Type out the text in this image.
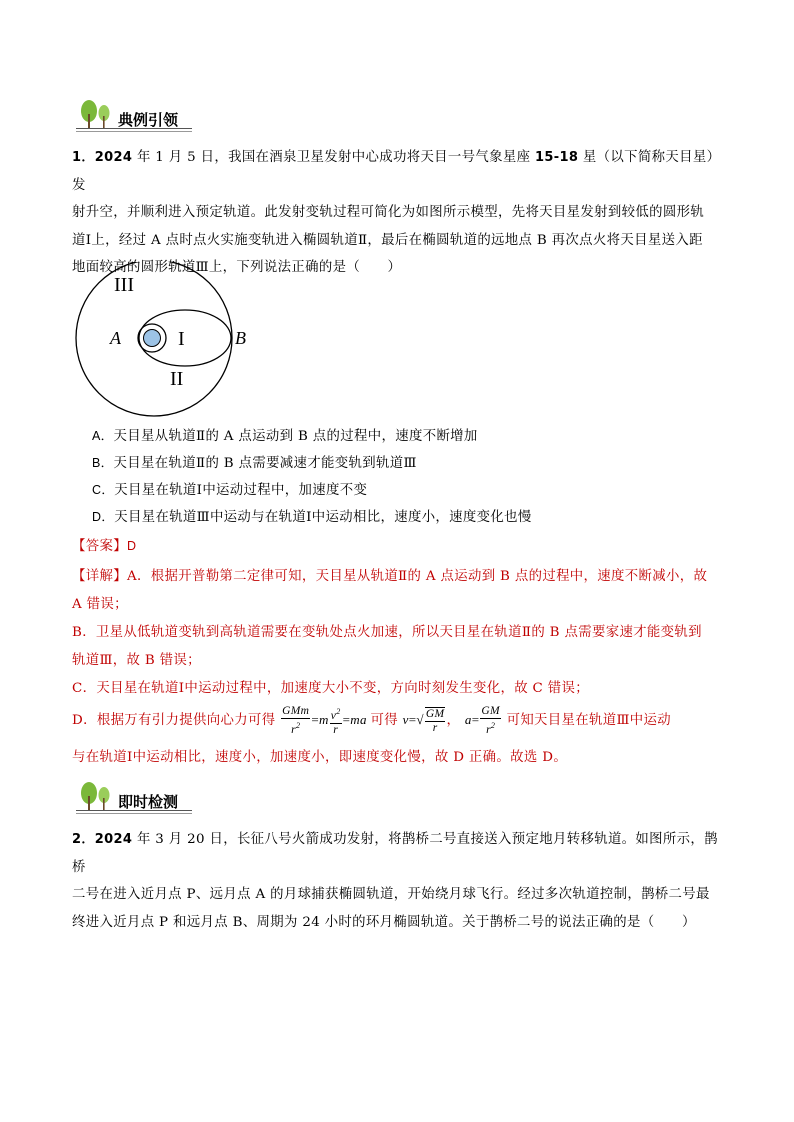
典例引领
1．2024 年 1 月 5 日，我国在酒泉卫星发射中心成功将天目一号气象星座 15-18 星（以下简称天目星）发
射升空，并顺利进入预定轨道。此发射变轨过程可简化为如图所示模型，先将天目星发射到较低的圆形轨
道Ⅰ上，经过 A 点时点火实施变轨进入椭圆轨道Ⅱ，最后在椭圆轨道的远地点 B 再次点火将天目星送入距
地面较高的圆形轨道Ⅲ上，下列说法正确的是（　　）
III
A	I	B
II
A．天目星从轨道Ⅱ的 A 点运动到 B 点的过程中，速度不断增加
B．天目星在轨道Ⅱ的 B 点需要减速才能变轨到轨道Ⅲ
C．天目星在轨道Ⅰ中运动过程中，加速度不变
D．天目星在轨道Ⅲ中运动与在轨道Ⅰ中运动相比，速度小，速度变化也慢
【答案】D
【详解】A．根据开普勒第二定律可知，天目星从轨道Ⅱ的 A 点运动到 B 点的过程中，速度不断减小，故
A 错误；
B．卫星从低轨道变轨到高轨道需要在变轨处点火加速，所以天目星在轨道Ⅱ的 B 点需要家速才能变轨到
轨道Ⅲ，故 B 错误；
C．天目星在轨道Ⅰ中运动过程中，加速度大小不变，方向时刻发生变化，故 C 错误；
D．根据万有引力提供向心力可得 $\frac{\text{GMm}}{r^2} =m \frac{v^2}{r} =ma$ 可得 $v=√ \frac{GM}{r}$ ， $a= \frac{GM}{r^2}$ 可知天目星在轨道Ⅲ中运动
与在轨道Ⅰ中运动相比，速度小，加速度小，即速度变化慢，故 D 正确。故选 D。
即时检测
2．2024 年 3 月 20 日，长征八号火箭成功发射，将鹊桥二号直接送入预定地月转移轨道。如图所示，鹊桥
二号在进入近月点 P、远月点 A 的月球捕获椭圆轨道，开始绕月球飞行。经过多次轨道控制，鹊桥二号最
终进入近月点 P 和远月点 B、周期为 24 小时的环月椭圆轨道。关于鹊桥二号的说法正确的是（　　）
